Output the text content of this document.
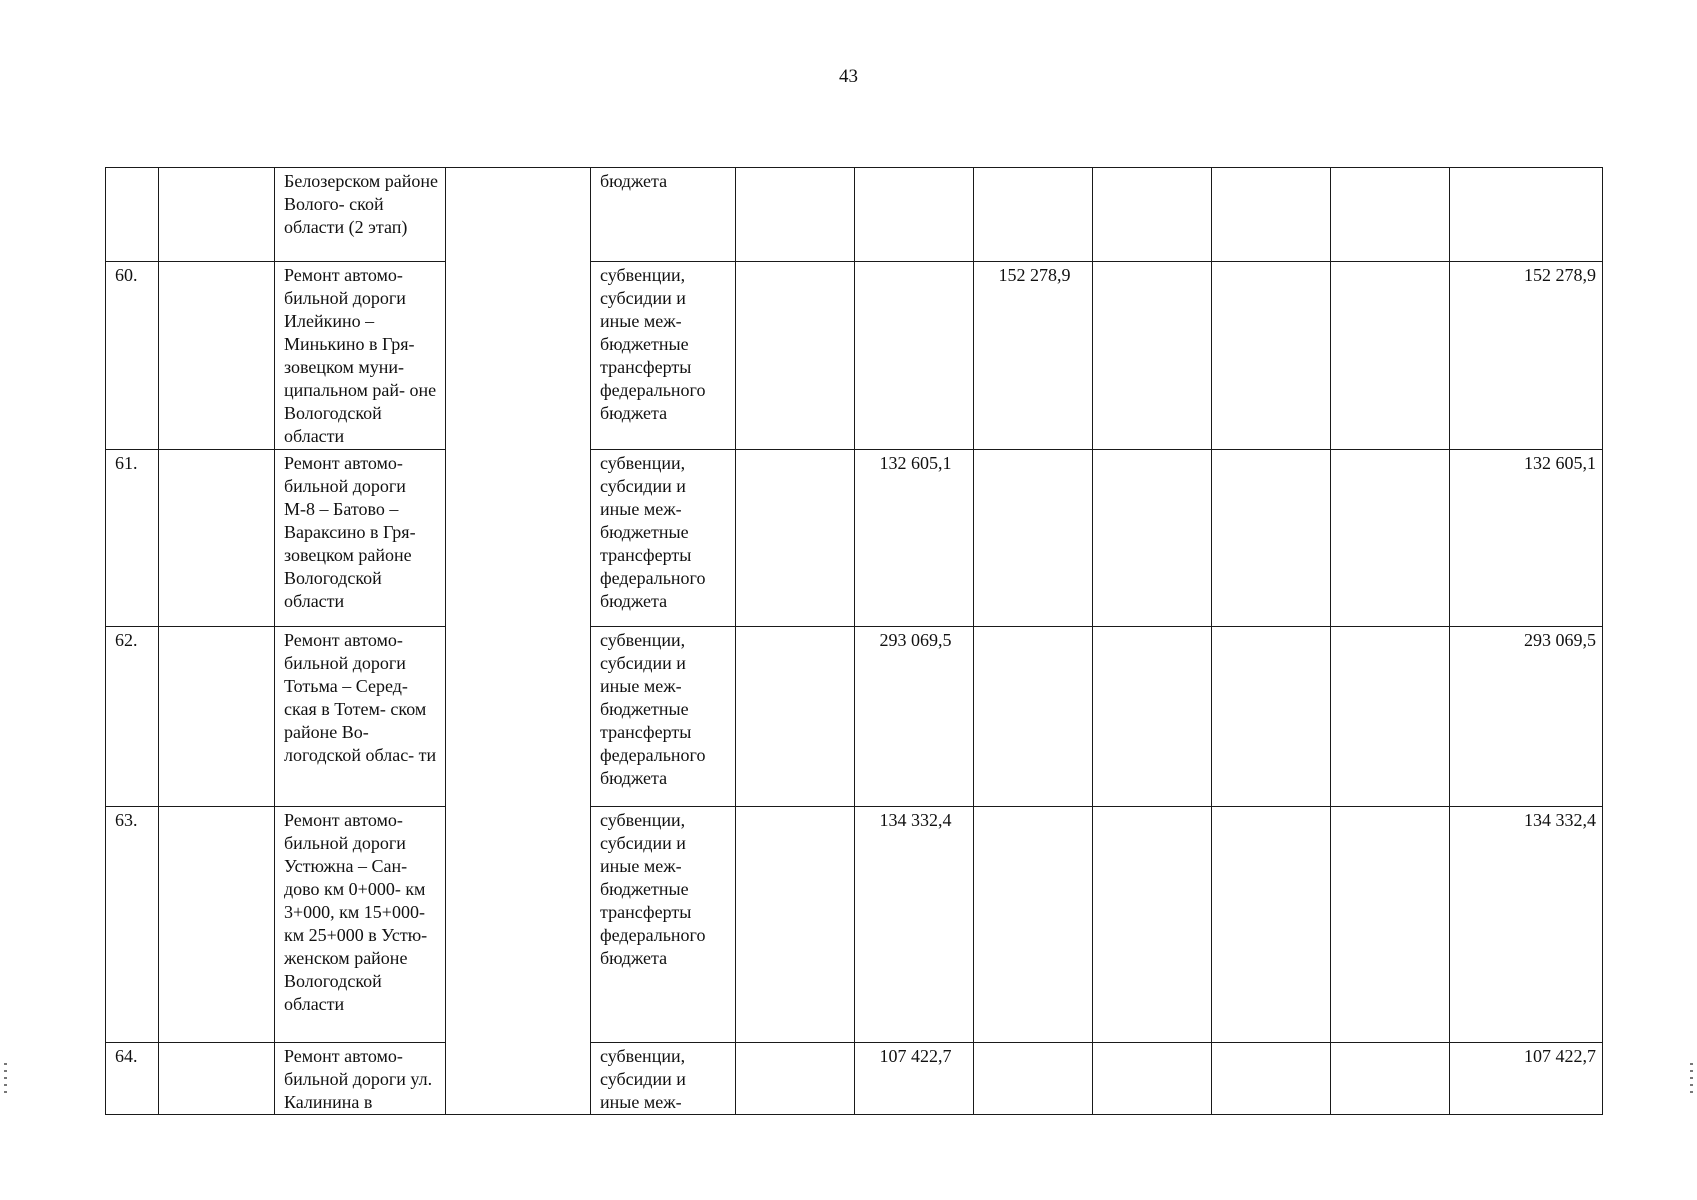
43
		Белозерском районе Волого- ской области (2 этап)		бюджета							
60.		Ремонт автомо- бильной дороги Илейкино – Минькино в Гря- зовецком муни- ципальном рай- оне Вологодской области		субвенции, субсидии и иные меж- бюджетные трансферты федерального бюджета			152 278,9				152 278,9
61.		Ремонт автомо- бильной дороги М-8 – Батово – Вараксино в Гря- зовецком районе Вологодской области		субвенции, субсидии и иные меж- бюджетные трансферты федерального бюджета		132 605,1					132 605,1
62.		Ремонт автомо- бильной дороги Тотьма – Серед- ская в Тотем- ском районе Во- логодской облас- ти		субвенции, субсидии и иные меж- бюджетные трансферты федерального бюджета		293 069,5					293 069,5
63.		Ремонт автомо- бильной дороги Устюжна – Сан- дово км 0+000- км 3+000, км 15+000-км 25+000 в Устю- женском районе Вологодской области		субвенции, субсидии и иные меж- бюджетные трансферты федерального бюджета		134 332,4					134 332,4
64.		Ремонт автомо- бильной дороги ул. Калинина в		субвенции, субсидии и иные меж-		107 422,7					107 422,7
